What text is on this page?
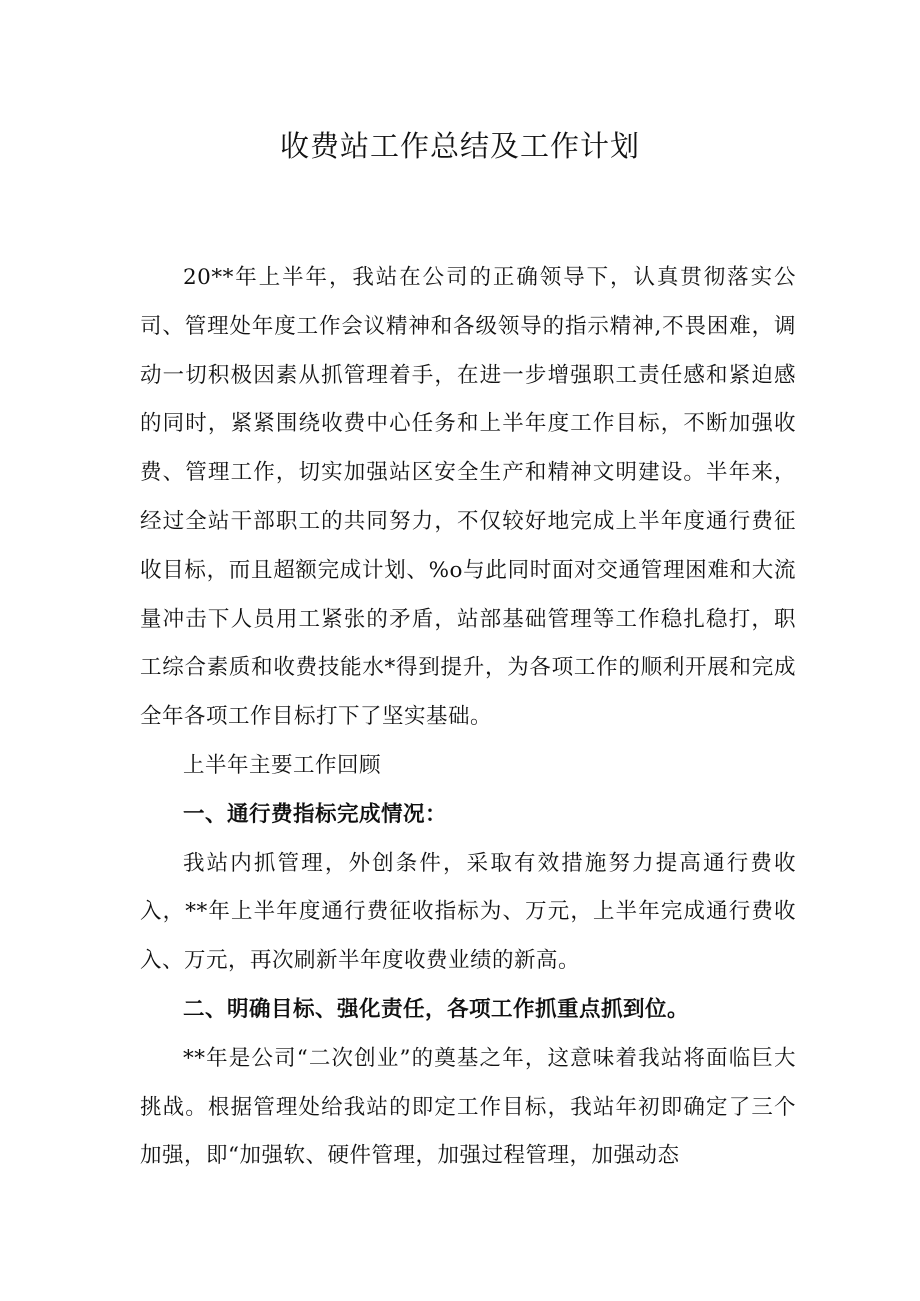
收费站工作总结及工作计划

20**年上半年，我站在公司的正确领导下，认真贯彻落实公司、管理处年度工作会议精神和各级领导的指示精神,不畏困难，调动一切积极因素从抓管理着手，在进一步增强职工责任感和紧迫感的同时，紧紧围绕收费中心任务和上半年度工作目标，不断加强收费、管理工作，切实加强站区安全生产和精神文明建设。半年来，经过全站干部职工的共同努力，不仅较好地完成上半年度通行费征收目标，而且超额完成计划、%o与此同时面对交通管理困难和大流量冲击下人员用工紧张的矛盾，站部基础管理等工作稳扎稳打，职工综合素质和收费技能水*得到提升，为各项工作的顺利开展和完成全年各项工作目标打下了坚实基础。

上半年主要工作回顾

一、通行费指标完成情况：

我站内抓管理，外创条件，采取有效措施努力提高通行费收入，**年上半年度通行费征收指标为、万元，上半年完成通行费收入、万元，再次刷新半年度收费业绩的新高。

二、明确目标、强化责任，各项工作抓重点抓到位。

**年是公司“二次创业”的奠基之年，这意味着我站将面临巨大挑战。根据管理处给我站的即定工作目标，我站年初即确定了三个加强，即“加强软、硬件管理，加强过程管理，加强动态
